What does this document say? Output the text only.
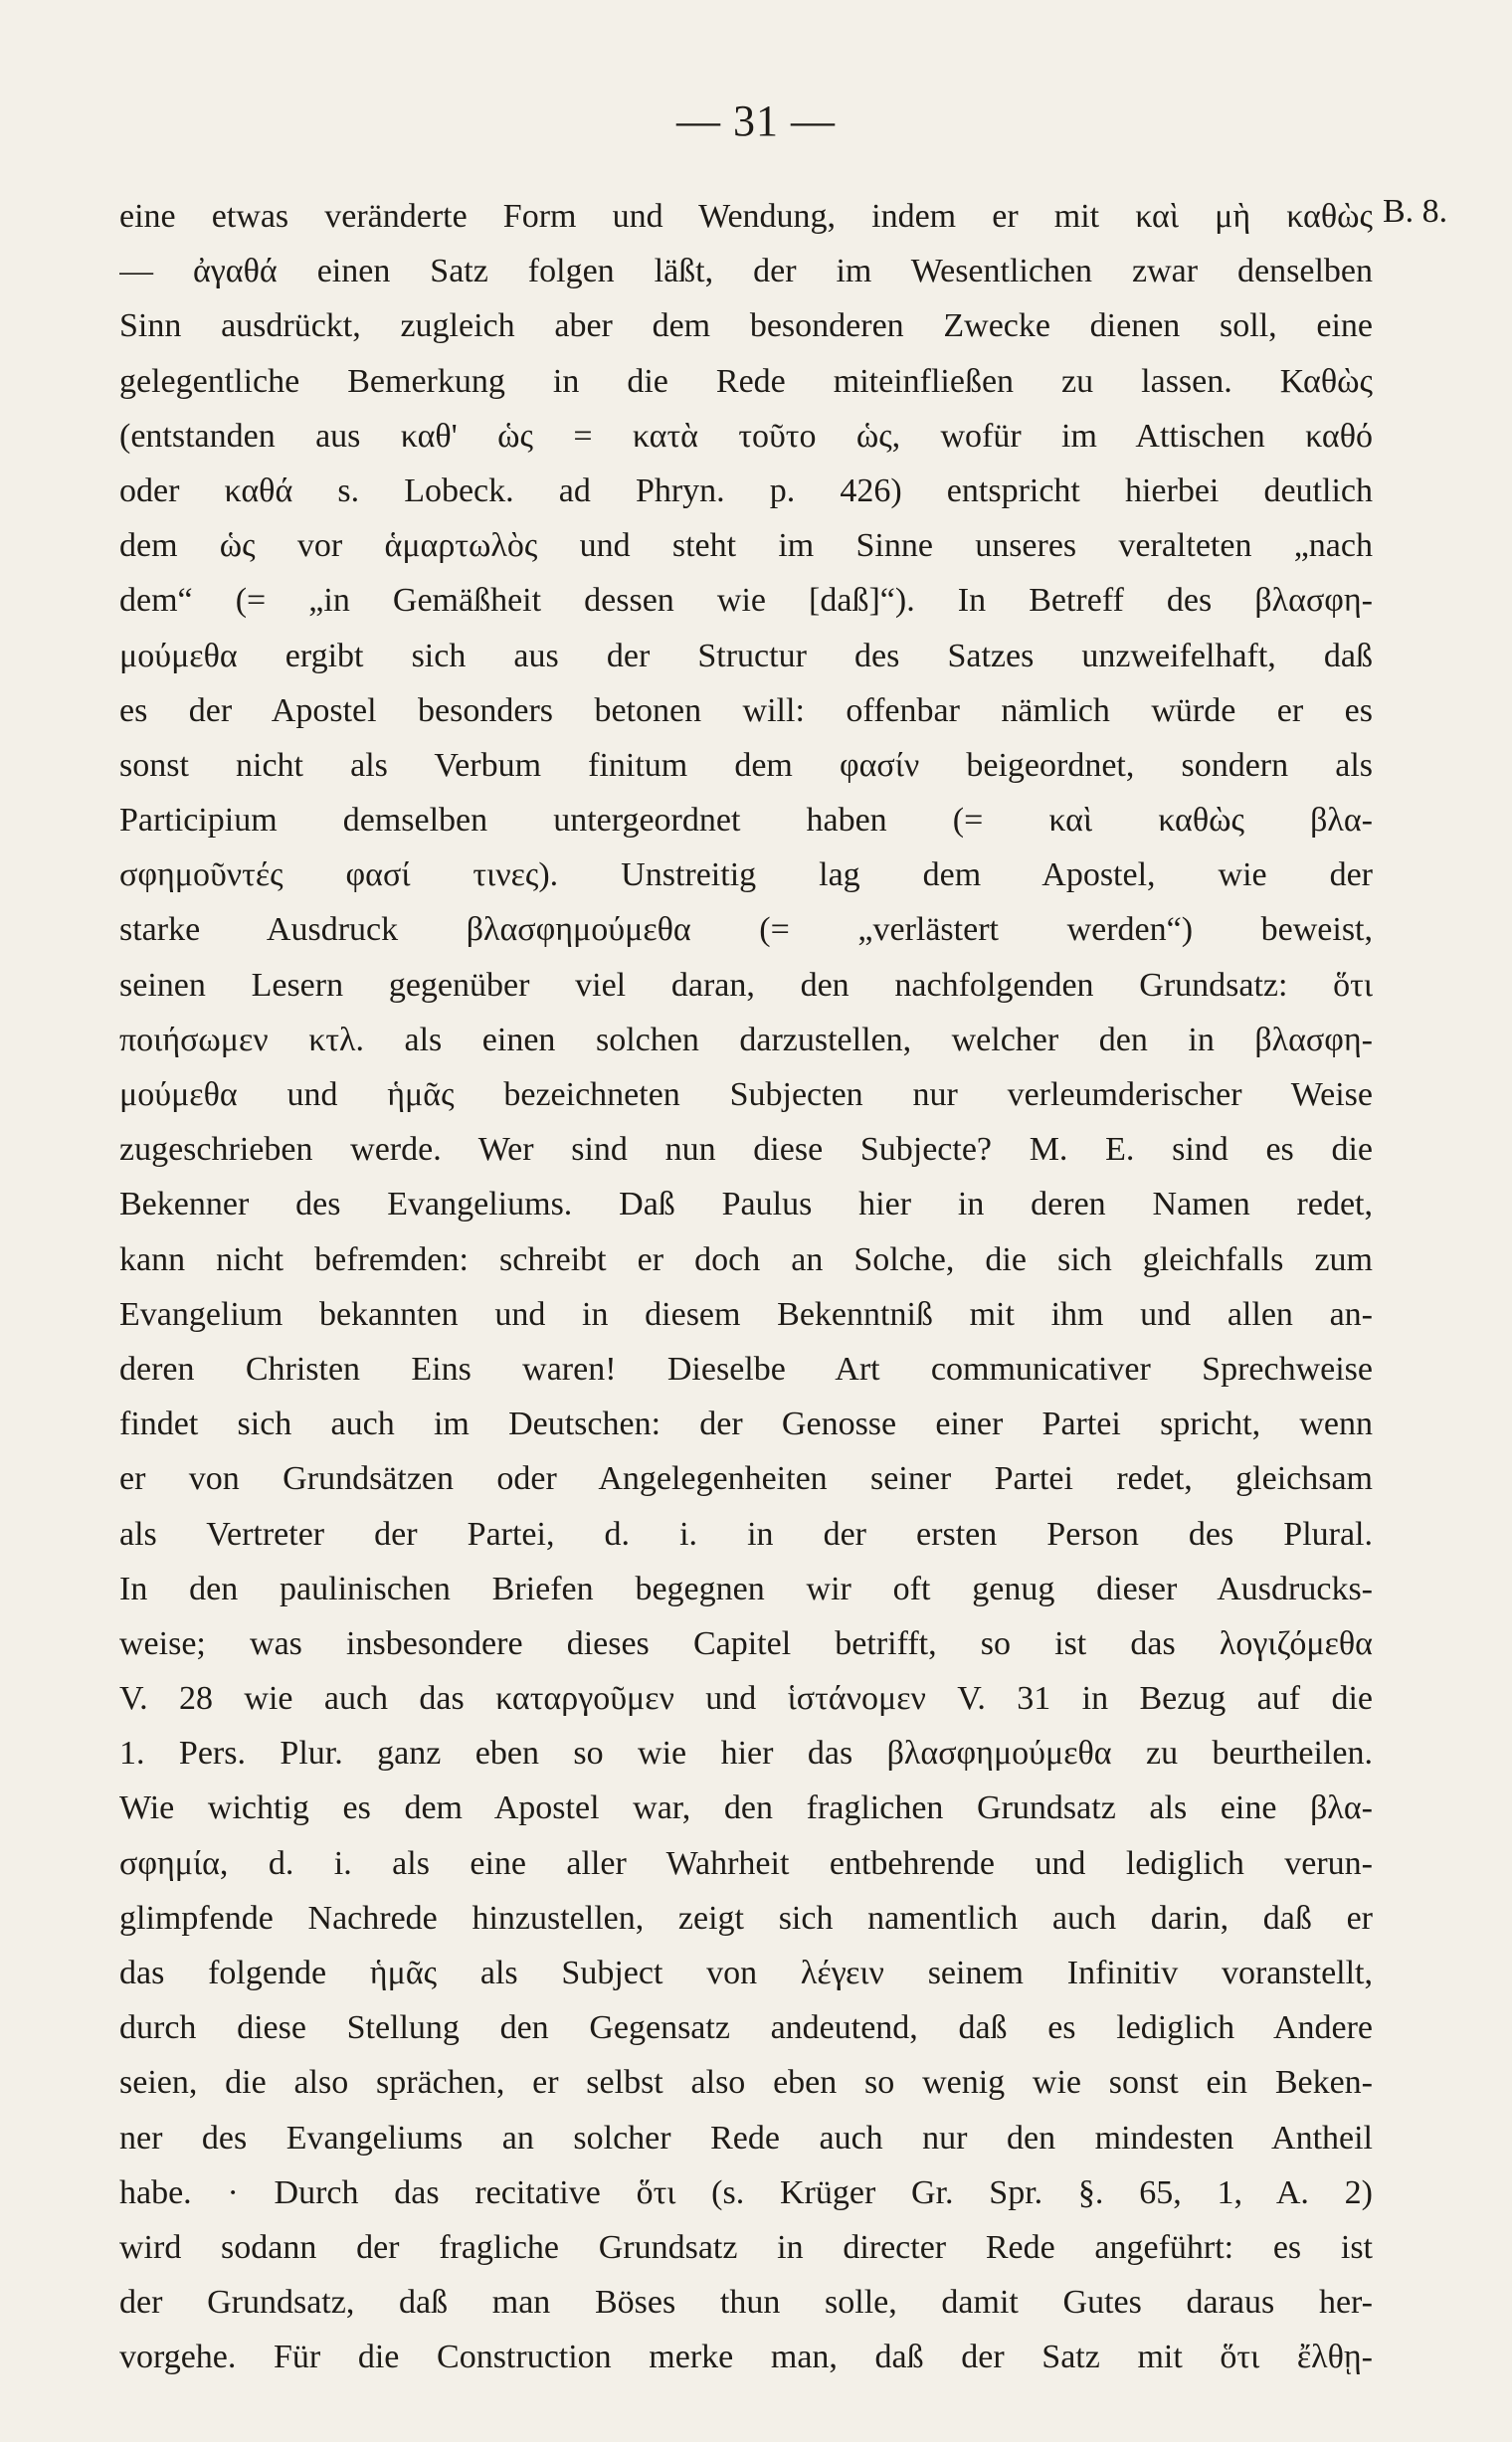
— 31 —
B. 8.
eine etwas veränderte Form und Wendung, indem er mit καὶ μὴ καθὼς
— ἀγαθά einen Satz folgen läßt, der im Wesentlichen zwar denselben
Sinn ausdrückt, zugleich aber dem besonderen Zwecke dienen soll, eine
gelegentliche Bemerkung in die Rede miteinfließen zu lassen. Καθὼς
(entstanden aus καθ' ὡς = κατὰ τοῦτο ὡς, wofür im Attischen καθό
oder καθά s. Lobeck. ad Phryn. p. 426) entspricht hierbei deutlich
dem ὡς vor ἁμαρτωλὸς und steht im Sinne unseres veralteten „nach
dem“ (= „in Gemäßheit dessen wie [daß]“). In Betreff des βλασφη-
μούμεθα ergibt sich aus der Structur des Satzes unzweifelhaft, daß
es der Apostel besonders betonen will: offenbar nämlich würde er es
sonst nicht als Verbum finitum dem φασίν beigeordnet, sondern als
Participium demselben untergeordnet haben (= καὶ καθὼς βλα-
σφημοῦντές φασί τινες). Unstreitig lag dem Apostel, wie der
starke Ausdruck βλασφημούμεθα (= „verlästert werden“) beweist,
seinen Lesern gegenüber viel daran, den nachfolgenden Grundsatz: ὅτι
ποιήσωμεν κτλ. als einen solchen darzustellen, welcher den in βλασφη-
μούμεθα und ἡμᾶς bezeichneten Subjecten nur verleumderischer Weise
zugeschrieben werde. Wer sind nun diese Subjecte? M. E. sind es die
Bekenner des Evangeliums. Daß Paulus hier in deren Namen redet,
kann nicht befremden: schreibt er doch an Solche, die sich gleichfalls zum
Evangelium bekannten und in diesem Bekenntniß mit ihm und allen an-
deren Christen Eins waren! Dieselbe Art communicativer Sprechweise
findet sich auch im Deutschen: der Genosse einer Partei spricht, wenn
er von Grundsätzen oder Angelegenheiten seiner Partei redet, gleichsam
als Vertreter der Partei, d. i. in der ersten Person des Plural.
In den paulinischen Briefen begegnen wir oft genug dieser Ausdrucks-
weise; was insbesondere dieses Capitel betrifft, so ist das λογιζόμεθα
V. 28 wie auch das καταργοῦμεν und ἱστάνομεν V. 31 in Bezug auf die
1. Pers. Plur. ganz eben so wie hier das βλασφημούμεθα zu beurtheilen.
Wie wichtig es dem Apostel war, den fraglichen Grundsatz als eine βλα-
σφημία, d. i. als eine aller Wahrheit entbehrende und lediglich verun-
glimpfende Nachrede hinzustellen, zeigt sich namentlich auch darin, daß er
das folgende ἡμᾶς als Subject von λέγειν seinem Infinitiv voranstellt,
durch diese Stellung den Gegensatz andeutend, daß es lediglich Andere
seien, die also sprächen, er selbst also eben so wenig wie sonst ein Beken-
ner des Evangeliums an solcher Rede auch nur den mindesten Antheil
habe. · Durch das recitative ὅτι (s. Krüger Gr. Spr. §. 65, 1, A. 2)
wird sodann der fragliche Grundsatz in directer Rede angeführt: es ist
der Grundsatz, daß man Böses thun solle, damit Gutes daraus her-
vorgehe. Für die Construction merke man, daß der Satz mit ὅτι ἔλθῃ-
